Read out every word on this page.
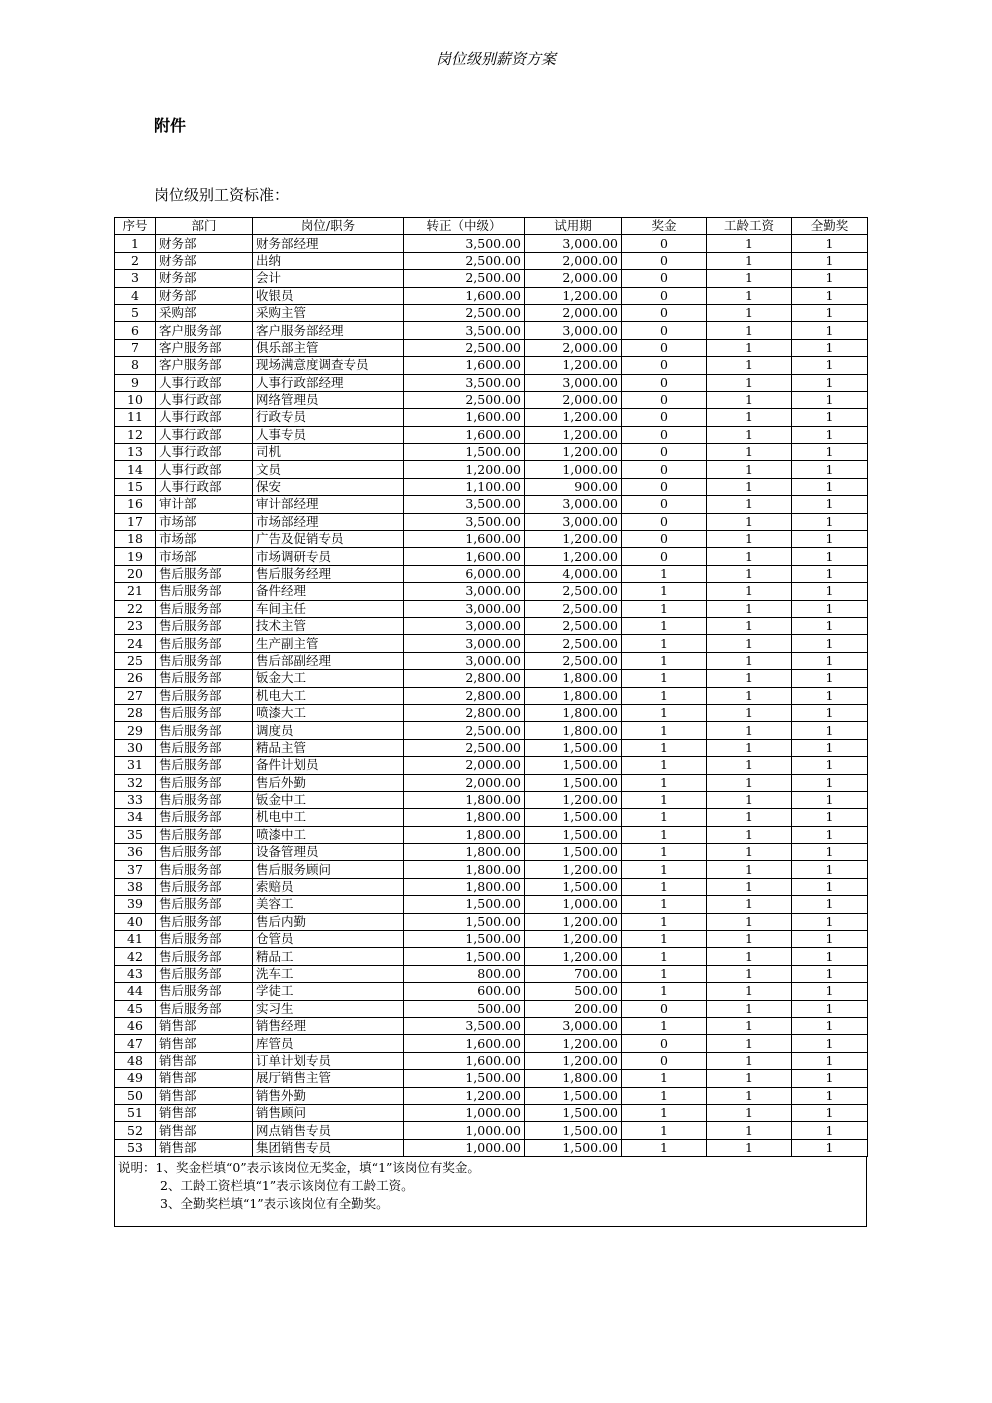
岗位级别薪资方案
附件
岗位级别工资标准：
序号	部门	岗位/职务	转正（中级）	试用期	奖金	工龄工资	全勤奖
1	财务部	财务部经理	3,500.00	3,000.00	0	1	1
2	财务部	出纳	2,500.00	2,000.00	0	1	1
3	财务部	会计	2,500.00	2,000.00	0	1	1
4	财务部	收银员	1,600.00	1,200.00	0	1	1
5	采购部	采购主管	2,500.00	2,000.00	0	1	1
6	客户服务部	客户服务部经理	3,500.00	3,000.00	0	1	1
7	客户服务部	俱乐部主管	2,500.00	2,000.00	0	1	1
8	客户服务部	现场满意度调查专员	1,600.00	1,200.00	0	1	1
9	人事行政部	人事行政部经理	3,500.00	3,000.00	0	1	1
10	人事行政部	网络管理员	2,500.00	2,000.00	0	1	1
11	人事行政部	行政专员	1,600.00	1,200.00	0	1	1
12	人事行政部	人事专员	1,600.00	1,200.00	0	1	1
13	人事行政部	司机	1,500.00	1,200.00	0	1	1
14	人事行政部	文员	1,200.00	1,000.00	0	1	1
15	人事行政部	保安	1,100.00	900.00	0	1	1
16	审计部	审计部经理	3,500.00	3,000.00	0	1	1
17	市场部	市场部经理	3,500.00	3,000.00	0	1	1
18	市场部	广告及促销专员	1,600.00	1,200.00	0	1	1
19	市场部	市场调研专员	1,600.00	1,200.00	0	1	1
20	售后服务部	售后服务经理	6,000.00	4,000.00	1	1	1
21	售后服务部	备件经理	3,000.00	2,500.00	1	1	1
22	售后服务部	车间主任	3,000.00	2,500.00	1	1	1
23	售后服务部	技术主管	3,000.00	2,500.00	1	1	1
24	售后服务部	生产副主管	3,000.00	2,500.00	1	1	1
25	售后服务部	售后部副经理	3,000.00	2,500.00	1	1	1
26	售后服务部	钣金大工	2,800.00	1,800.00	1	1	1
27	售后服务部	机电大工	2,800.00	1,800.00	1	1	1
28	售后服务部	喷漆大工	2,800.00	1,800.00	1	1	1
29	售后服务部	调度员	2,500.00	1,800.00	1	1	1
30	售后服务部	精品主管	2,500.00	1,500.00	1	1	1
31	售后服务部	备件计划员	2,000.00	1,500.00	1	1	1
32	售后服务部	售后外勤	2,000.00	1,500.00	1	1	1
33	售后服务部	钣金中工	1,800.00	1,200.00	1	1	1
34	售后服务部	机电中工	1,800.00	1,500.00	1	1	1
35	售后服务部	喷漆中工	1,800.00	1,500.00	1	1	1
36	售后服务部	设备管理员	1,800.00	1,500.00	1	1	1
37	售后服务部	售后服务顾问	1,800.00	1,200.00	1	1	1
38	售后服务部	索赔员	1,800.00	1,500.00	1	1	1
39	售后服务部	美容工	1,500.00	1,000.00	1	1	1
40	售后服务部	售后内勤	1,500.00	1,200.00	1	1	1
41	售后服务部	仓管员	1,500.00	1,200.00	1	1	1
42	售后服务部	精品工	1,500.00	1,200.00	1	1	1
43	售后服务部	洗车工	800.00	700.00	1	1	1
44	售后服务部	学徒工	600.00	500.00	1	1	1
45	售后服务部	实习生	500.00	200.00	0	1	1
46	销售部	销售经理	3,500.00	3,000.00	1	1	1
47	销售部	库管员	1,600.00	1,200.00	0	1	1
48	销售部	订单计划专员	1,600.00	1,200.00	0	1	1
49	销售部	展厅销售主管	1,500.00	1,800.00	1	1	1
50	销售部	销售外勤	1,200.00	1,500.00	1	1	1
51	销售部	销售顾问	1,000.00	1,500.00	1	1	1
52	销售部	网点销售专员	1,000.00	1,500.00	1	1	1
53	销售部	集团销售专员	1,000.00	1,500.00	1	1	1
说明：1、奖金栏填“0”表示该岗位无奖金，填“1”该岗位有奖金。
2、工龄工资栏填“1”表示该岗位有工龄工资。
3、全勤奖栏填“1”表示该岗位有全勤奖。
